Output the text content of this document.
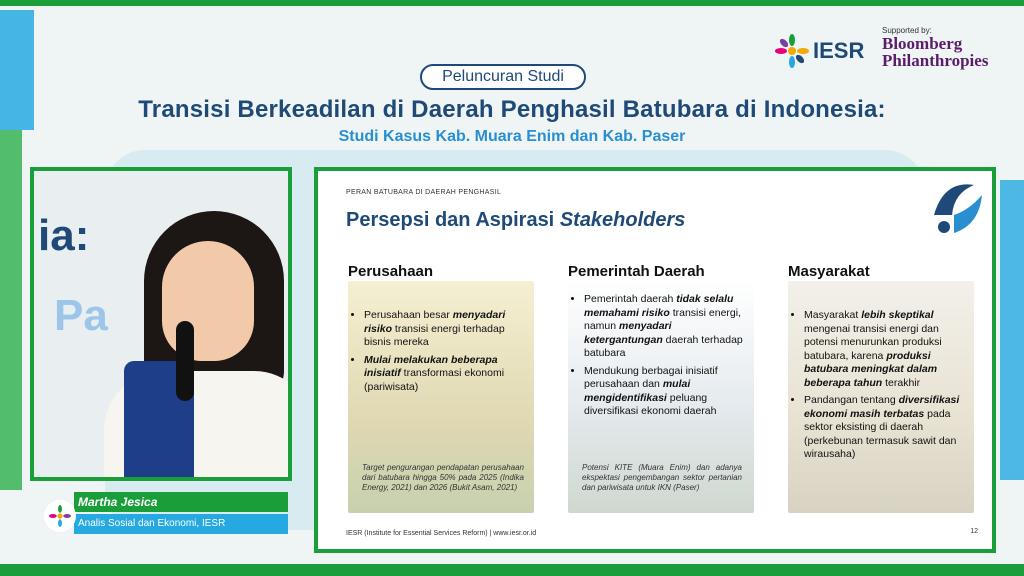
Peluncuran Studi
Transisi Berkeadilan di Daerah Penghasil Batubara di Indonesia:
Studi Kasus Kab. Muara Enim dan Kab. Paser
IESR
Supported by:
Bloomberg
Philanthropies
ia:
Pa
Martha Jesica
Analis Sosial dan Ekonomi, IESR
PERAN BATUBARA DI DAERAH PENGHASIL
Persepsi dan Aspirasi Stakeholders
Perusahaan
• Perusahaan besar menyadari risiko transisi energi terhadap bisnis mereka
• Mulai melakukan beberapa inisiatif transformasi ekonomi (pariwisata)
Target pengurangan pendapatan perusahaan dari batubara hingga 50% pada 2025 (Indika Energy, 2021) dan 2026 (Bukit Asam, 2021)
Pemerintah Daerah
• Pemerintah daerah tidak selalu memahami risiko transisi energi, namun menyadari ketergantungan daerah terhadap batubara
• Mendukung berbagai inisiatif perusahaan dan mulai mengidentifikasi peluang diversifikasi ekonomi daerah
Potensi KITE (Muara Enim) dan adanya ekspektasi pengembangan sektor pertanian dan pariwisata untuk IKN (Paser)
Masyarakat
• Masyarakat lebih skeptikal mengenai transisi energi dan potensi menurunkan produksi batubara, karena produksi batubara meningkat dalam beberapa tahun terakhir
• Pandangan tentang diversifikasi ekonomi masih terbatas pada sektor eksisting di daerah (perkebunan termasuk sawit dan wirausaha)
IESR (Institute for Essential Services Reform) | www.iesr.or.id	12
